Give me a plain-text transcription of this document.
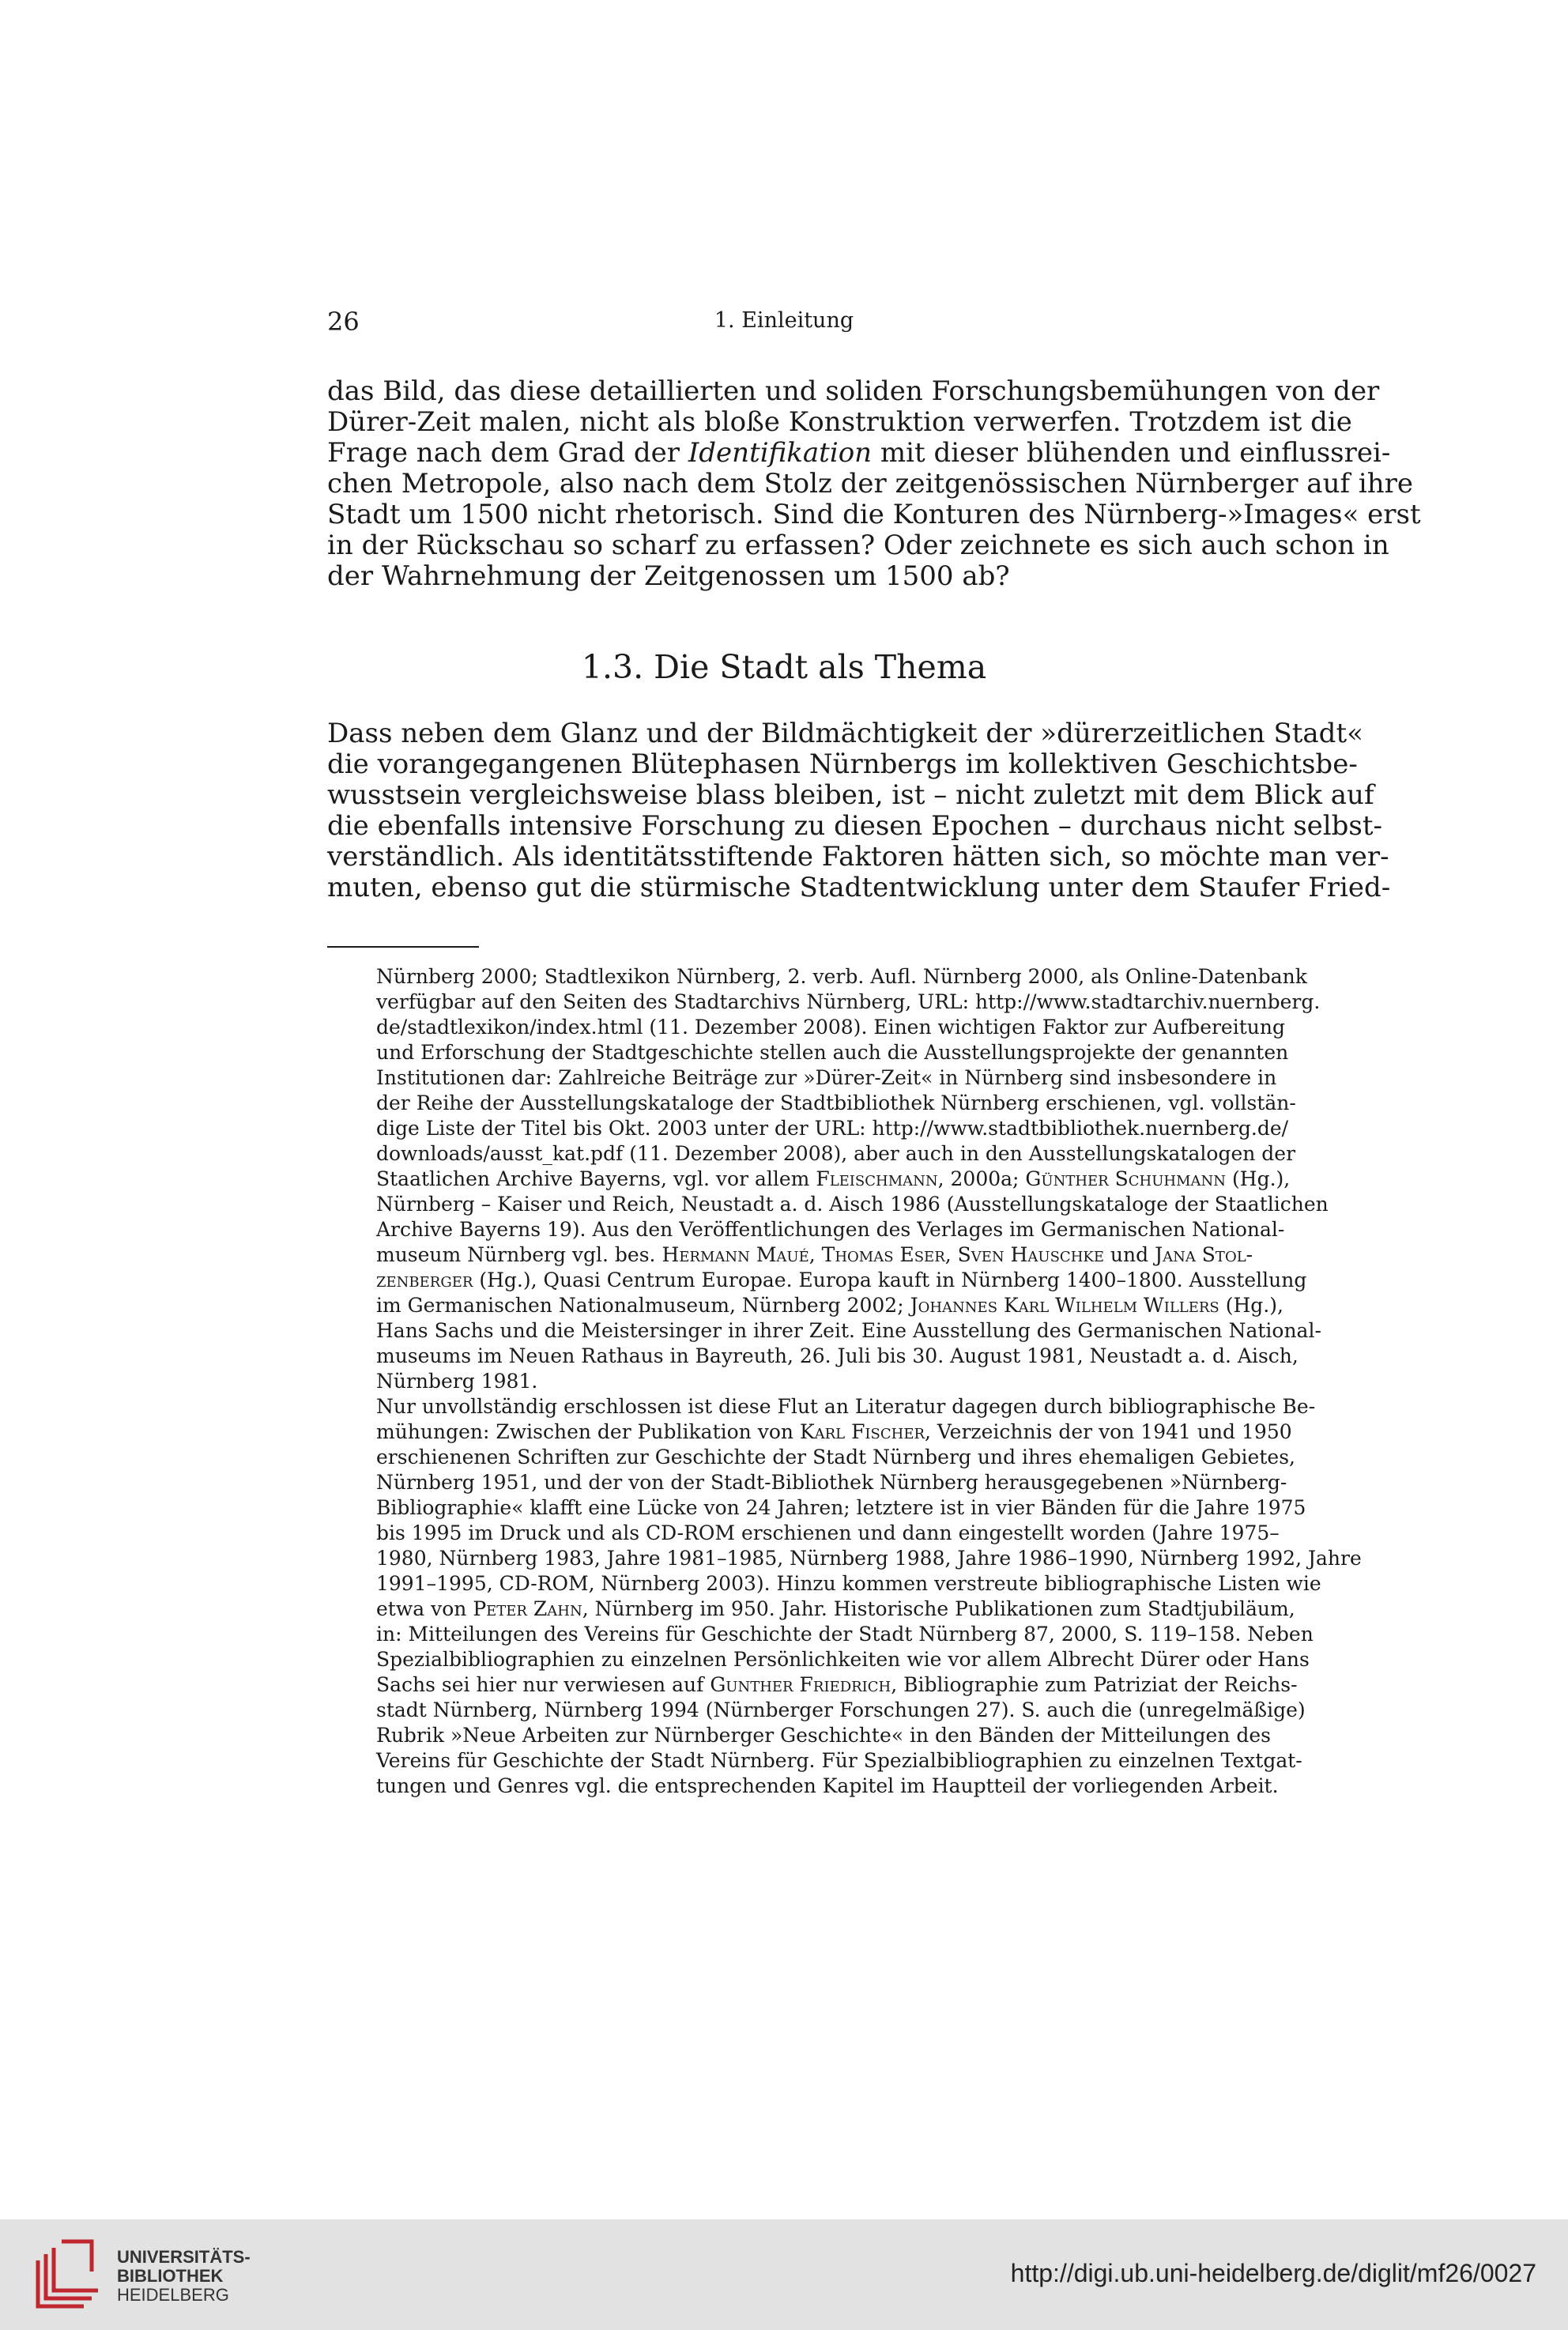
26	1. Einleitung
das Bild, das diese detaillierten und soliden Forschungsbemühungen von der
Dürer-Zeit malen, nicht als bloße Konstruktion verwerfen. Trotzdem ist die
Frage nach dem Grad der Identifikation mit dieser blühenden und einflussrei-
chen Metropole, also nach dem Stolz der zeitgenössischen Nürnberger auf ihre
Stadt um 1500 nicht rhetorisch. Sind die Konturen des Nürnberg-»Images« erst
in der Rückschau so scharf zu erfassen? Oder zeichnete es sich auch schon in
der Wahrnehmung der Zeitgenossen um 1500 ab?
1.3. Die Stadt als Thema
Dass neben dem Glanz und der Bildmächtigkeit der »dürerzeitlichen Stadt«
die vorangegangenen Blütephasen Nürnbergs im kollektiven Geschichtsbe-
wusstsein vergleichsweise blass bleiben, ist – nicht zuletzt mit dem Blick auf
die ebenfalls intensive Forschung zu diesen Epochen – durchaus nicht selbst-
verständlich. Als identitätsstiftende Faktoren hätten sich, so möchte man ver-
muten, ebenso gut die stürmische Stadtentwicklung unter dem Staufer Fried-
Nürnberg 2000; Stadtlexikon Nürnberg, 2. verb. Aufl. Nürnberg 2000, als Online-Datenbank
verfügbar auf den Seiten des Stadtarchivs Nürnberg, URL: http://www.stadtarchiv.nuernberg.
de/stadtlexikon/index.html (11. Dezember 2008). Einen wichtigen Faktor zur Aufbereitung
und Erforschung der Stadtgeschichte stellen auch die Ausstellungsprojekte der genannten
Institutionen dar: Zahlreiche Beiträge zur »Dürer-Zeit« in Nürnberg sind insbesondere in
der Reihe der Ausstellungskataloge der Stadtbibliothek Nürnberg erschienen, vgl. vollstän-
dige Liste der Titel bis Okt. 2003 unter der URL: http://www.stadtbibliothek.nuernberg.de/
downloads/ausst_kat.pdf (11. Dezember 2008), aber auch in den Ausstellungskatalogen der
Staatlichen Archive Bayerns, vgl. vor allem Fleischmann, 2000a; Günther Schuhmann (Hg.),
Nürnberg – Kaiser und Reich, Neustadt a. d. Aisch 1986 (Ausstellungskataloge der Staatlichen
Archive Bayerns 19). Aus den Veröffentlichungen des Verlages im Germanischen National-
museum Nürnberg vgl. bes. Hermann Maué, Thomas Eser, Sven Hauschke und Jana Stol-
zenberger (Hg.), Quasi Centrum Europae. Europa kauft in Nürnberg 1400–1800. Ausstellung
im Germanischen Nationalmuseum, Nürnberg 2002; Johannes Karl Wilhelm Willers (Hg.),
Hans Sachs und die Meistersinger in ihrer Zeit. Eine Ausstellung des Germanischen National-
museums im Neuen Rathaus in Bayreuth, 26. Juli bis 30. August 1981, Neustadt a. d. Aisch,
Nürnberg 1981.
Nur unvollständig erschlossen ist diese Flut an Literatur dagegen durch bibliographische Be-
mühungen: Zwischen der Publikation von Karl Fischer, Verzeichnis der von 1941 und 1950
erschienenen Schriften zur Geschichte der Stadt Nürnberg und ihres ehemaligen Gebietes,
Nürnberg 1951, und der von der Stadt-Bibliothek Nürnberg herausgegebenen »Nürnberg-
Bibliographie« klafft eine Lücke von 24 Jahren; letztere ist in vier Bänden für die Jahre 1975
bis 1995 im Druck und als CD-ROM erschienen und dann eingestellt worden (Jahre 1975–
1980, Nürnberg 1983, Jahre 1981–1985, Nürnberg 1988, Jahre 1986–1990, Nürnberg 1992, Jahre
1991–1995, CD-ROM, Nürnberg 2003). Hinzu kommen verstreute bibliographische Listen wie
etwa von Peter Zahn, Nürnberg im 950. Jahr. Historische Publikationen zum Stadtjubiläum,
in: Mitteilungen des Vereins für Geschichte der Stadt Nürnberg 87, 2000, S. 119–158. Neben
Spezialbibliographien zu einzelnen Persönlichkeiten wie vor allem Albrecht Dürer oder Hans
Sachs sei hier nur verwiesen auf Gunther Friedrich, Bibliographie zum Patriziat der Reichs-
stadt Nürnberg, Nürnberg 1994 (Nürnberger Forschungen 27). S. auch die (unregelmäßige)
Rubrik »Neue Arbeiten zur Nürnberger Geschichte« in den Bänden der Mitteilungen des
Vereins für Geschichte der Stadt Nürnberg. Für Spezialbibliographien zu einzelnen Textgat-
tungen und Genres vgl. die entsprechenden Kapitel im Hauptteil der vorliegenden Arbeit.
UNIVERSITÄTS-
BIBLIOTHEK
HEIDELBERG
http://digi.ub.uni-heidelberg.de/diglit/mf26/0027
